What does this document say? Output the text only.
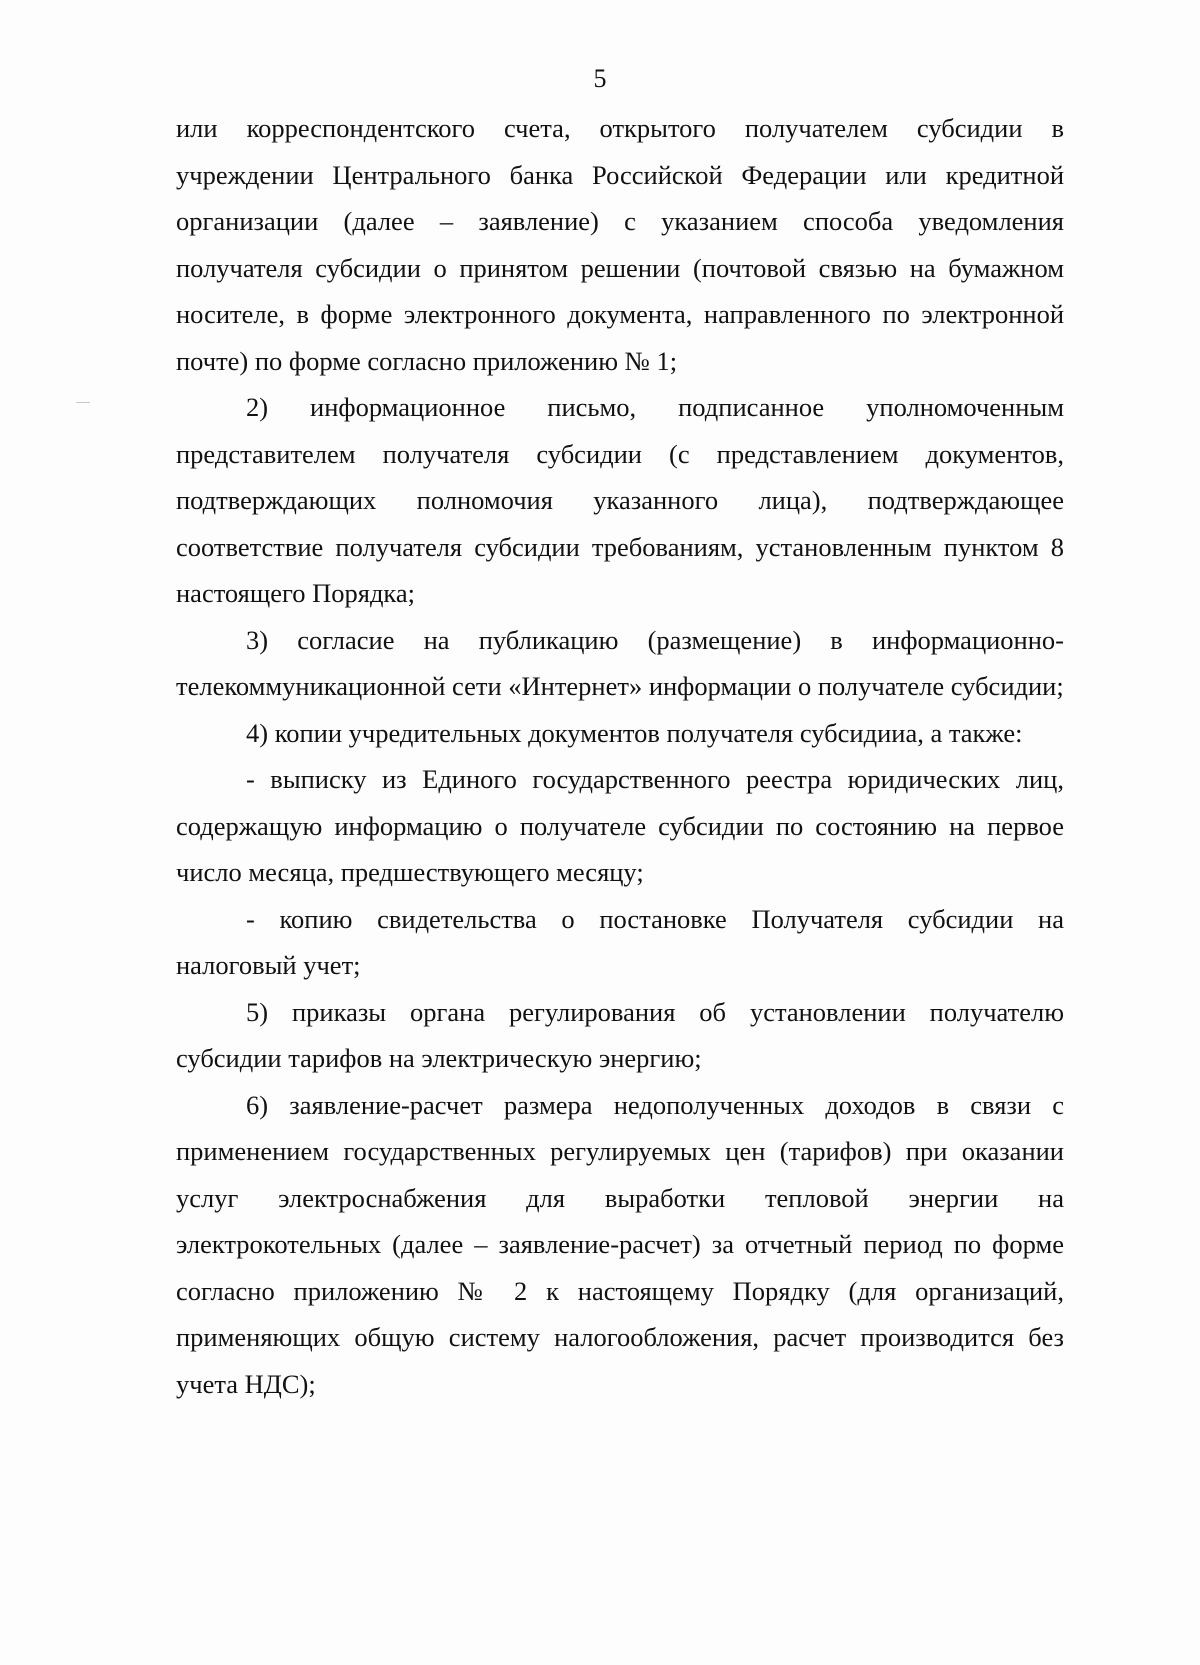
5

или корреспондентского счета, открытого получателем субсидии в учреждении Центрального банка Российской Федерации или кредитной организации (далее – заявление) с указанием способа уведомления получателя субсидии о принятом решении (почтовой связью на бумажном носителе, в форме электронного документа, направленного по электронной почте) по форме согласно приложению № 1;

2) информационное письмо, подписанное уполномоченным представителем получателя субсидии (с представлением документов, подтверждающих полномочия указанного лица), подтверждающее соответствие получателя субсидии требованиям, установленным пунктом 8 настоящего Порядка;

3) согласие на публикацию (размещение) в информационно-телекоммуникационной сети «Интернет» информации о получателе субсидии;

4) копии учредительных документов получателя субсидииа, а также:

- выписку из Единого государственного реестра юридических лиц, содержащую информацию о получателе субсидии по состоянию на первое число месяца, предшествующего месяцу;

- копию свидетельства о постановке Получателя субсидии на налоговый учет;

5) приказы органа регулирования об установлении получателю субсидии тарифов на электрическую энергию;

6) заявление-расчет размера недополученных доходов в связи с применением государственных регулируемых цен (тарифов) при оказании услуг электроснабжения для выработки тепловой энергии на электрокотельных (далее – заявление-расчет) за отчетный период по форме согласно приложению № 2 к настоящему Порядку (для организаций, применяющих общую систему налогообложения, расчет производится без учета НДС);
